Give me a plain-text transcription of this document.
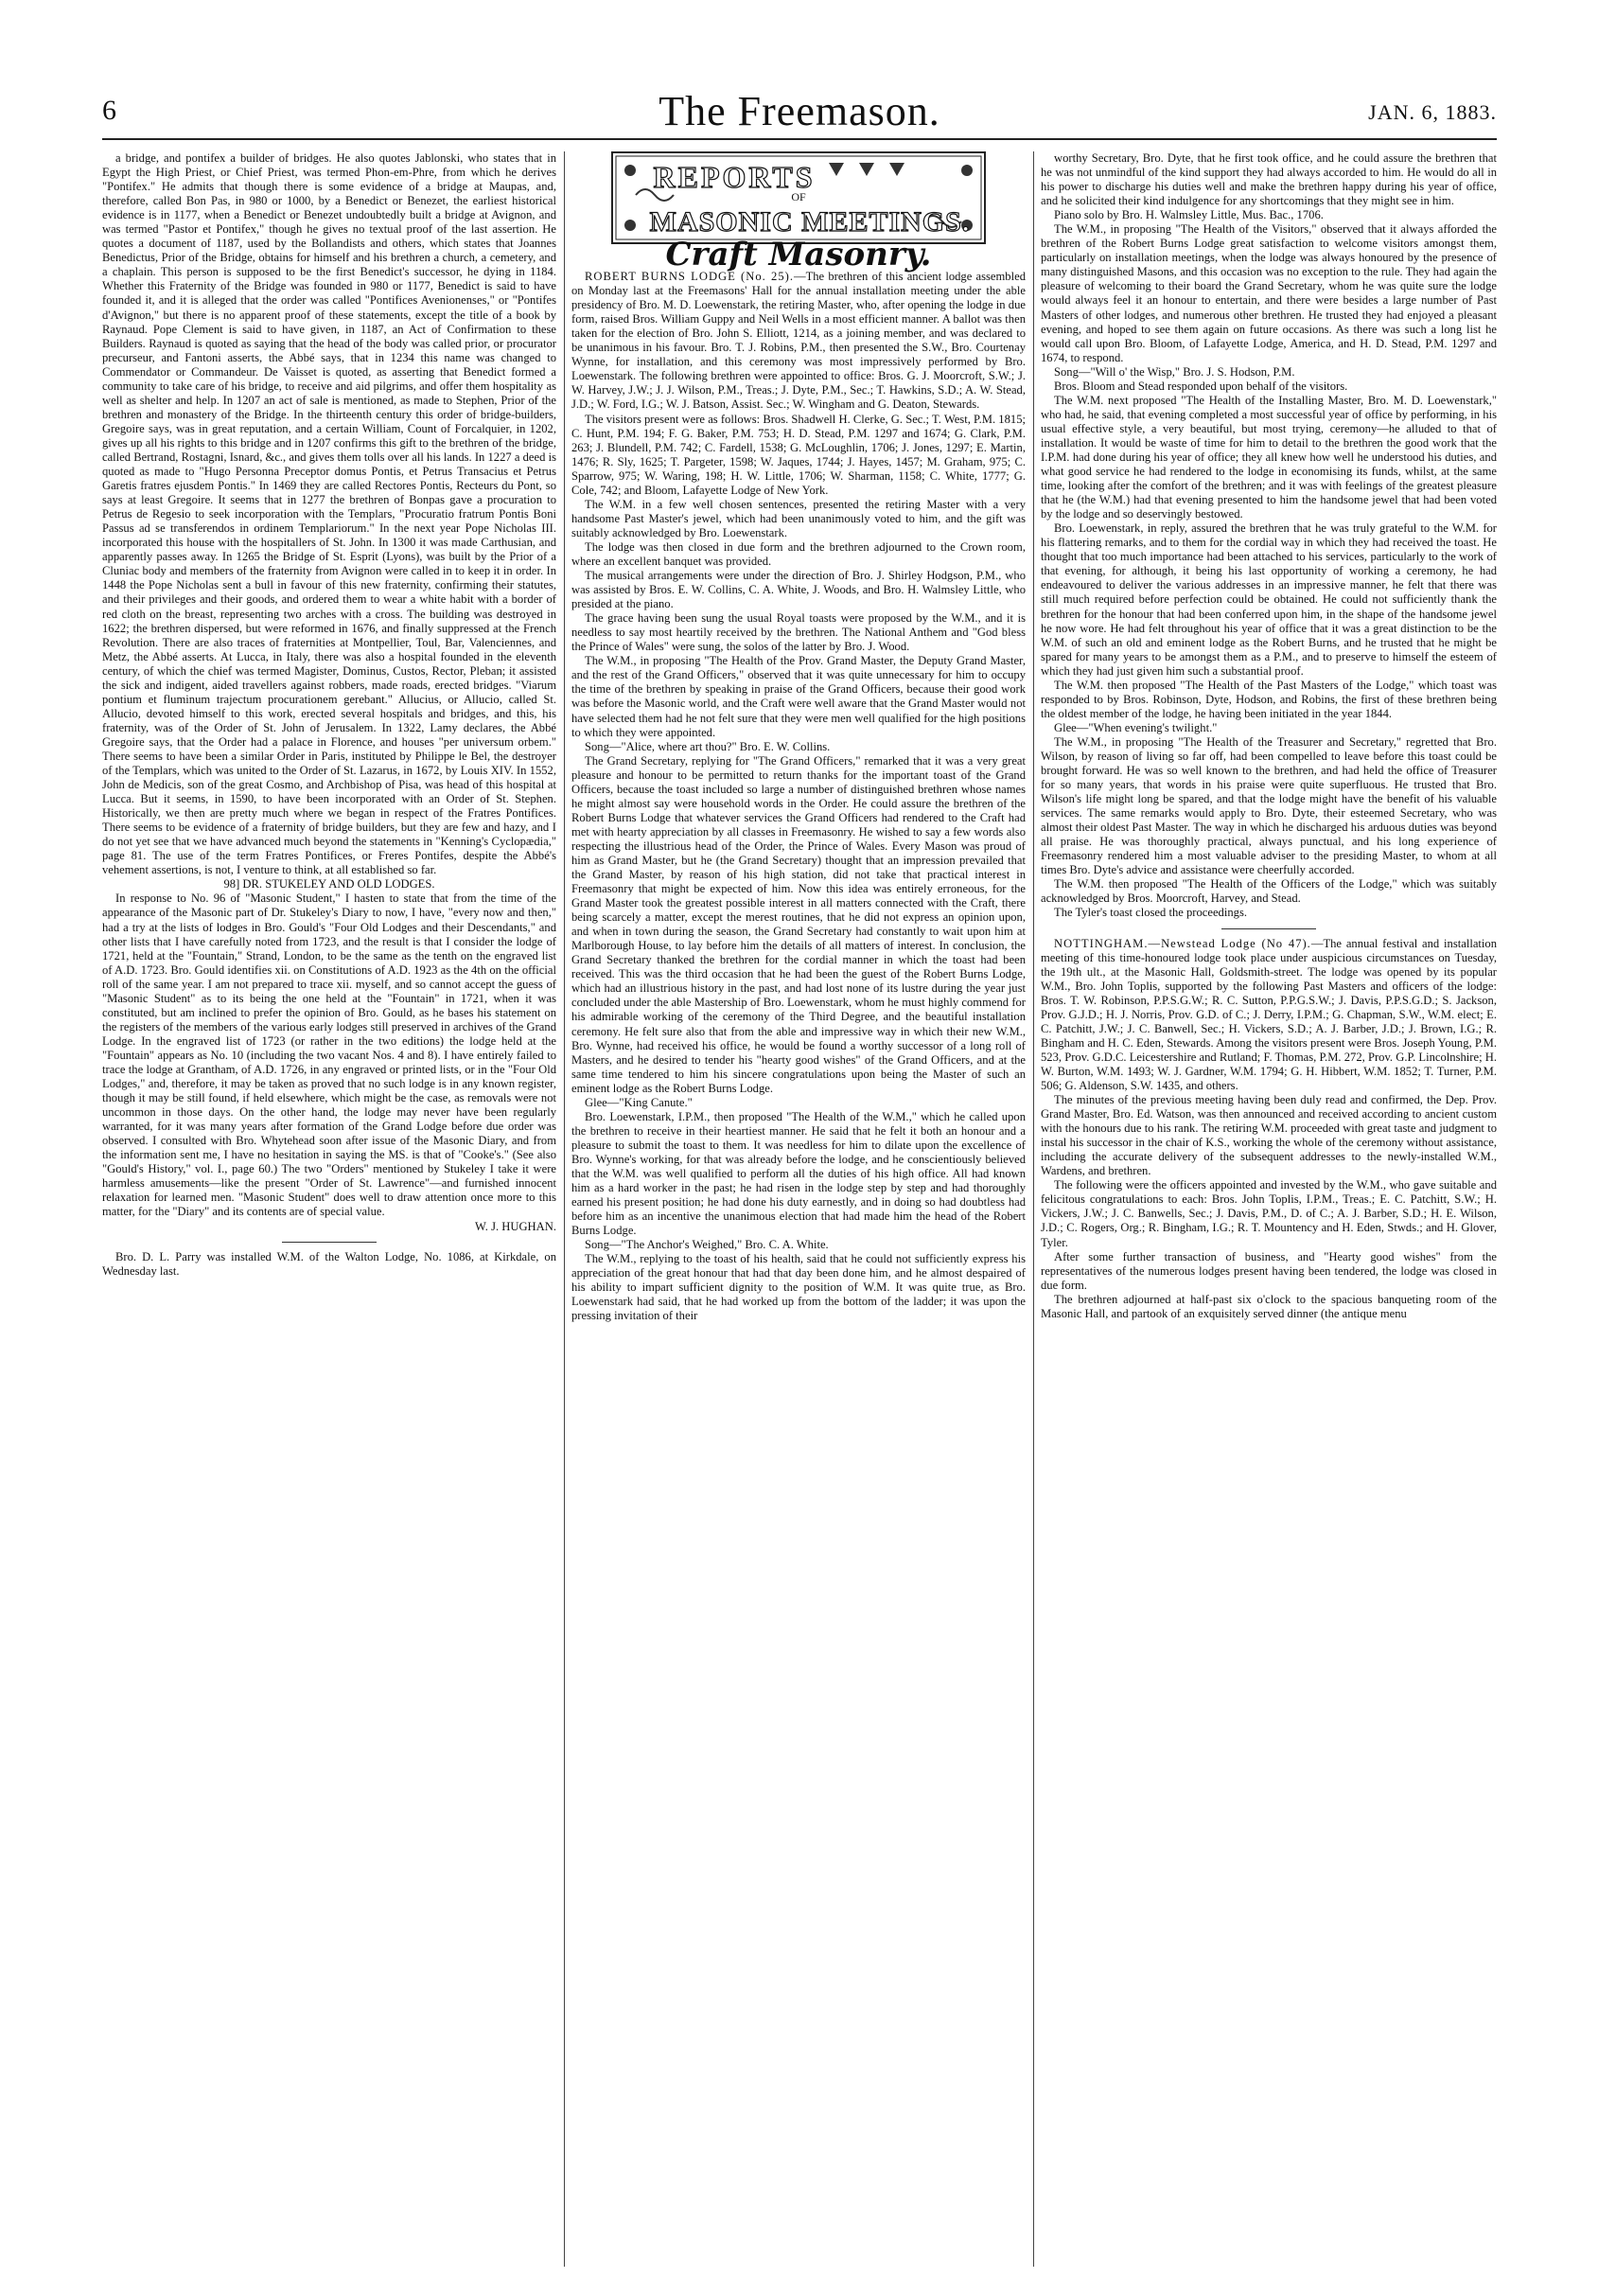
6	The Freemason.	JAN. 6, 1883.

a bridge, and pontifex a builder of bridges. He also quotes Jablonski, who states that in Egypt the High Priest, or Chief Priest, was termed Phon-em-Phre, from which he derives "Pontifex." He admits that though there is some evidence of a bridge at Maupas, and, therefore, called Bon Pas, in 980 or 1000, by a Benedict or Benezet, the earliest historical evidence is in 1177, when a Benedict or Benezet undoubtedly built a bridge at Avignon, and was termed "Pastor et Pontifex," though he gives no textual proof of the last assertion. He quotes a document of 1187, used by the Bollandists and others, which states that Joannes Benedictus, Prior of the Bridge, obtains for himself and his brethren a church, a cemetery, and a chaplain. This person is supposed to be the first Benedict's successor, he dying in 1184. Whether this Fraternity of the Bridge was founded in 980 or 1177, Benedict is said to have founded it, and it is alleged that the order was called "Pontifices Avenionenses," or "Pontifes d'Avignon," but there is no apparent proof of these statements, except the title of a book by Raynaud. Pope Clement is said to have given, in 1187, an Act of Confirmation to these Builders. Raynaud is quoted as saying that the head of the body was called prior, or procurator precurseur, and Fantoni asserts, the Abbé says, that in 1234 this name was changed to Commendator or Commandeur. De Vaisset is quoted, as asserting that Benedict formed a community to take care of his bridge, to receive and aid pilgrims, and offer them hospitality as well as shelter and help. In 1207 an act of sale is mentioned, as made to Stephen, Prior of the brethren and monastery of the Bridge. In the thirteenth century this order of bridge-builders, Gregoire says, was in great reputation, and a certain William, Count of Forcalquier, in 1202, gives up all his rights to this bridge and in 1207 confirms this gift to the brethren of the bridge, called Bertrand, Rostagni, Isnard, &c., and gives them tolls over all his lands. In 1227 a deed is quoted as made to "Hugo Personna Preceptor domus Pontis, et Petrus Transacius et Petrus Garetis fratres ejusdem Pontis." In 1469 they are called Rectores Pontis, Recteurs du Pont, so says at least Gregoire. It seems that in 1277 the brethren of Bonpas gave a procuration to Petrus de Regesio to seek incorporation with the Templars, "Procuratio fratrum Pontis Boni Passus ad se transferendos in ordinem Templariorum." In the next year Pope Nicholas III. incorporated this house with the hospitallers of St. John. In 1300 it was made Carthusian, and apparently passes away. In 1265 the Bridge of St. Esprit (Lyons), was built by the Prior of a Cluniac body and members of the fraternity from Avignon were called in to keep it in order. In 1448 the Pope Nicholas sent a bull in favour of this new fraternity, confirming their statutes, and their privileges and their goods, and ordered them to wear a white habit with a border of red cloth on the breast, representing two arches with a cross. The building was destroyed in 1622; the brethren dispersed, but were reformed in 1676, and finally suppressed at the French Revolution. There are also traces of fraternities at Montpellier, Toul, Bar, Valenciennes, and Metz, the Abbé asserts. At Lucca, in Italy, there was also a hospital founded in the eleventh century, of which the chief was termed Magister, Dominus, Custos, Rector, Pleban; it assisted the sick and indigent, aided travellers against robbers, made roads, erected bridges. "Viarum pontium et fluminum trajectum procurationem gerebant." Allucius, or Allucio, called St. Allucio, devoted himself to this work, erected several hospitals and bridges, and this, his fraternity, was of the Order of St. John of Jerusalem. In 1322, Lamy declares, the Abbé Gregoire says, that the Order had a palace in Florence, and houses "per universum orbem." There seems to have been a similar Order in Paris, instituted by Philippe le Bel, the destroyer of the Templars, which was united to the Order of St. Lazarus, in 1672, by Louis XIV. In 1552, John de Medicis, son of the great Cosmo, and Archbishop of Pisa, was head of this hospital at Lucca. But it seems, in 1590, to have been incorporated with an Order of St. Stephen. Historically, we then are pretty much where we began in respect of the Fratres Pontifices. There seems to be evidence of a fraternity of bridge builders, but they are few and hazy, and I do not yet see that we have advanced much beyond the statements in "Kenning's Cyclopædia," page 81. The use of the term Fratres Pontifices, or Freres Pontifes, despite the Abbé's vehement assertions, is not, I venture to think, at all established so far.

98] DR. STUKELEY AND OLD LODGES.

In response to No. 96 of "Masonic Student," I hasten to state that from the time of the appearance of the Masonic part of Dr. Stukeley's Diary to now, I have, "every now and then," had a try at the lists of lodges in Bro. Gould's "Four Old Lodges and their Descendants," and other lists that I have carefully noted from 1723, and the result is that I consider the lodge of 1721, held at the "Fountain," Strand, London, to be the same as the tenth on the engraved list of A.D. 1723. Bro. Gould identifies xii. on Constitutions of A.D. 1923 as the 4th on the official roll of the same year. I am not prepared to trace xii. myself, and so cannot accept the guess of "Masonic Student" as to its being the one held at the "Fountain" in 1721, when it was constituted, but am inclined to prefer the opinion of Bro. Gould, as he bases his statement on the registers of the members of the various early lodges still preserved in archives of the Grand Lodge. In the engraved list of 1723 (or rather in the two editions) the lodge held at the "Fountain" appears as No. 10 (including the two vacant Nos. 4 and 8). I have entirely failed to trace the lodge at Grantham, of A.D. 1726, in any engraved or printed lists, or in the "Four Old Lodges," and, therefore, it may be taken as proved that no such lodge is in any known register, though it may be still found, if held elsewhere, which might be the case, as removals were not uncommon in those days. On the other hand, the lodge may never have been regularly warranted, for it was many years after formation of the Grand Lodge before due order was observed. I consulted with Bro. Whytehead soon after issue of the Masonic Diary, and from the information sent me, I have no hesitation in saying the MS. is that of "Cooke's." (See also "Gould's History," vol. I., page 60.) The two "Orders" mentioned by Stukeley I take it were harmless amusements—like the present "Order of St. Lawrence"—and furnished innocent relaxation for learned men. "Masonic Student" does well to draw attention once more to this matter, for the "Diary" and its contents are of special value.

W. J. HUGHAN.

Bro. D. L. Parry was installed W.M. of the Walton Lodge, No. 1086, at Kirkdale, on Wednesday last.

REPORTS
OF
MASONIC MEETINGS.
Craft Masonry.

ROBERT BURNS LODGE (No. 25).—The brethren of this ancient lodge assembled on Monday last at the Freemasons' Hall for the annual installation meeting under the able presidency of Bro. M. D. Loewenstark, the retiring Master, who, after opening the lodge in due form, raised Bros. William Guppy and Neil Wells in a most efficient manner. A ballot was then taken for the election of Bro. John S. Elliott, 1214, as a joining member, and was declared to be unanimous in his favour. Bro. T. J. Robins, P.M., then presented the S.W., Bro. Courtenay Wynne, for installation, and this ceremony was most impressively performed by Bro. Loewenstark. The following brethren were appointed to office: Bros. G. J. Moorcroft, S.W.; J. W. Harvey, J.W.; J. J. Wilson, P.M., Treas.; J. Dyte, P.M., Sec.; T. Hawkins, S.D.; A. W. Stead, J.D.; W. Ford, I.G.; W. J. Batson, Assist. Sec.; W. Wingham and G. Deaton, Stewards.

The visitors present were as follows: Bros. Shadwell H. Clerke, G. Sec.; T. West, P.M. 1815; C. Hunt, P.M. 194; F. G. Baker, P.M. 753; H. D. Stead, P.M. 1297 and 1674; G. Clark, P.M. 263; J. Blundell, P.M. 742; C. Fardell, 1538; G. McLoughlin, 1706; J. Jones, 1297; E. Martin, 1476; R. Sly, 1625; T. Pargeter, 1598; W. Jaques, 1744; J. Hayes, 1457; M. Graham, 975; C. Sparrow, 975; W. Waring, 198; H. W. Little, 1706; W. Sharman, 1158; C. White, 1777; G. Cole, 742; and Bloom, Lafayette Lodge of New York.

The W.M. in a few well chosen sentences, presented the retiring Master with a very handsome Past Master's jewel, which had been unanimously voted to him, and the gift was suitably acknowledged by Bro. Loewenstark.

The lodge was then closed in due form and the brethren adjourned to the Crown room, where an excellent banquet was provided.

The musical arrangements were under the direction of Bro. J. Shirley Hodgson, P.M., who was assisted by Bros. E. W. Collins, C. A. White, J. Woods, and Bro. H. Walmsley Little, who presided at the piano.

The grace having been sung the usual Royal toasts were proposed by the W.M., and it is needless to say most heartily received by the brethren. The National Anthem and "God bless the Prince of Wales" were sung, the solos of the latter by Bro. J. Wood.

The W.M., in proposing "The Health of the Prov. Grand Master, the Deputy Grand Master, and the rest of the Grand Officers," observed that it was quite unnecessary for him to occupy the time of the brethren by speaking in praise of the Grand Officers, because their good work was before the Masonic world, and the Craft were well aware that the Grand Master would not have selected them had he not felt sure that they were men well qualified for the high positions to which they were appointed.

Song—"Alice, where art thou?" Bro. E. W. Collins.

The Grand Secretary, replying for "The Grand Officers," remarked that it was a very great pleasure and honour to be permitted to return thanks for the important toast of the Grand Officers, because the toast included so large a number of distinguished brethren whose names he might almost say were household words in the Order. He could assure the brethren of the Robert Burns Lodge that whatever services the Grand Officers had rendered to the Craft had met with hearty appreciation by all classes in Freemasonry. He wished to say a few words also respecting the illustrious head of the Order, the Prince of Wales. Every Mason was proud of him as Grand Master, but he (the Grand Secretary) thought that an impression prevailed that the Grand Master, by reason of his high station, did not take that practical interest in Freemasonry that might be expected of him. Now this idea was entirely erroneous, for the Grand Master took the greatest possible interest in all matters connected with the Craft, there being scarcely a matter, except the merest routines, that he did not express an opinion upon, and when in town during the season, the Grand Secretary had constantly to wait upon him at Marlborough House, to lay before him the details of all matters of interest. In conclusion, the Grand Secretary thanked the brethren for the cordial manner in which the toast had been received. This was the third occasion that he had been the guest of the Robert Burns Lodge, which had an illustrious history in the past, and had lost none of its lustre during the year just concluded under the able Mastership of Bro. Loewenstark, whom he must highly commend for his admirable working of the ceremony of the Third Degree, and the beautiful installation ceremony. He felt sure also that from the able and impressive way in which their new W.M., Bro. Wynne, had received his office, he would be found a worthy successor of a long roll of Masters, and he desired to tender his "hearty good wishes" of the Grand Officers, and at the same time tendered to him his sincere congratulations upon being the Master of such an eminent lodge as the Robert Burns Lodge.

Glee—"King Canute."

Bro. Loewenstark, I.P.M., then proposed "The Health of the W.M.," which he called upon the brethren to receive in their heartiest manner. He said that he felt it both an honour and a pleasure to submit the toast to them. It was needless for him to dilate upon the excellence of Bro. Wynne's working, for that was already before the lodge, and he conscientiously believed that the W.M. was well qualified to perform all the duties of his high office. All had known him as a hard worker in the past; he had risen in the lodge step by step and had thoroughly earned his present position; he had done his duty earnestly, and in doing so had doubtless had before him as an incentive the unanimous election that had made him the head of the Robert Burns Lodge.

Song—"The Anchor's Weighed," Bro. C. A. White.

The W.M., replying to the toast of his health, said that he could not sufficiently express his appreciation of the great honour that had that day been done him, and he almost despaired of his ability to impart sufficient dignity to the position of W.M. It was quite true, as Bro. Loewenstark had said, that he had worked up from the bottom of the ladder; it was upon the pressing invitation of their

worthy Secretary, Bro. Dyte, that he first took office, and he could assure the brethren that he was not unmindful of the kind support they had always accorded to him. He would do all in his power to discharge his duties well and make the brethren happy during his year of office, and he solicited their kind indulgence for any shortcomings that they might see in him.

Piano solo by Bro. H. Walmsley Little, Mus. Bac., 1706.

The W.M., in proposing "The Health of the Visitors," observed that it always afforded the brethren of the Robert Burns Lodge great satisfaction to welcome visitors amongst them, particularly on installation meetings, when the lodge was always honoured by the presence of many distinguished Masons, and this occasion was no exception to the rule. They had again the pleasure of welcoming to their board the Grand Secretary, whom he was quite sure the lodge would always feel it an honour to entertain, and there were besides a large number of Past Masters of other lodges, and numerous other brethren. He trusted they had enjoyed a pleasant evening, and hoped to see them again on future occasions. As there was such a long list he would call upon Bro. Bloom, of Lafayette Lodge, America, and H. D. Stead, P.M. 1297 and 1674, to respond.

Song—"Will o' the Wisp," Bro. J. S. Hodson, P.M.

Bros. Bloom and Stead responded upon behalf of the visitors.

The W.M. next proposed "The Health of the Installing Master, Bro. M. D. Loewenstark," who had, he said, that evening completed a most successful year of office by performing, in his usual effective style, a very beautiful, but most trying, ceremony—he alluded to that of installation. It would be waste of time for him to detail to the brethren the good work that the I.P.M. had done during his year of office; they all knew how well he understood his duties, and what good service he had rendered to the lodge in economising its funds, whilst, at the same time, looking after the comfort of the brethren; and it was with feelings of the greatest pleasure that he (the W.M.) had that evening presented to him the handsome jewel that had been voted by the lodge and so deservingly bestowed.

Bro. Loewenstark, in reply, assured the brethren that he was truly grateful to the W.M. for his flattering remarks, and to them for the cordial way in which they had received the toast. He thought that too much importance had been attached to his services, particularly to the work of that evening, for although, it being his last opportunity of working a ceremony, he had endeavoured to deliver the various addresses in an impressive manner, he felt that there was still much required before perfection could be obtained. He could not sufficiently thank the brethren for the honour that had been conferred upon him, in the shape of the handsome jewel he now wore. He had felt throughout his year of office that it was a great distinction to be the W.M. of such an old and eminent lodge as the Robert Burns, and he trusted that he might be spared for many years to be amongst them as a P.M., and to preserve to himself the esteem of which they had just given him such a substantial proof.

The W.M. then proposed "The Health of the Past Masters of the Lodge," which toast was responded to by Bros. Robinson, Dyte, Hodson, and Robins, the first of these brethren being the oldest member of the lodge, he having been initiated in the year 1844.

Glee—"When evening's twilight."

The W.M., in proposing "The Health of the Treasurer and Secretary," regretted that Bro. Wilson, by reason of living so far off, had been compelled to leave before this toast could be brought forward. He was so well known to the brethren, and had held the office of Treasurer for so many years, that words in his praise were quite superfluous. He trusted that Bro. Wilson's life might long be spared, and that the lodge might have the benefit of his valuable services. The same remarks would apply to Bro. Dyte, their esteemed Secretary, who was almost their oldest Past Master. The way in which he discharged his arduous duties was beyond all praise. He was thoroughly practical, always punctual, and his long experience of Freemasonry rendered him a most valuable adviser to the presiding Master, to whom at all times Bro. Dyte's advice and assistance were cheerfully accorded.

The W.M. then proposed "The Health of the Officers of the Lodge," which was suitably acknowledged by Bros. Moorcroft, Harvey, and Stead.

The Tyler's toast closed the proceedings.

NOTTINGHAM.—Newstead Lodge (No 47).—The annual festival and installation meeting of this time-honoured lodge took place under auspicious circumstances on Tuesday, the 19th ult., at the Masonic Hall, Goldsmith-street. The lodge was opened by its popular W.M., Bro. John Toplis, supported by the following Past Masters and officers of the lodge: Bros. T. W. Robinson, P.P.S.G.W.; R. C. Sutton, P.P.G.S.W.; J. Davis, P.P.S.G.D.; S. Jackson, Prov. G.J.D.; H. J. Norris, Prov. G.D. of C.; J. Derry, I.P.M.; G. Chapman, S.W., W.M. elect; E. C. Patchitt, J.W.; J. C. Banwell, Sec.; H. Vickers, S.D.; A. J. Barber, J.D.; J. Brown, I.G.; R. Bingham and H. C. Eden, Stewards. Among the visitors present were Bros. Joseph Young, P.M. 523, Prov. G.D.C. Leicestershire and Rutland; F. Thomas, P.M. 272, Prov. G.P. Lincolnshire; H. W. Burton, W.M. 1493; W. J. Gardner, W.M. 1794; G. H. Hibbert, W.M. 1852; T. Turner, P.M. 506; G. Aldenson, S.W. 1435, and others.

The minutes of the previous meeting having been duly read and confirmed, the Dep. Prov. Grand Master, Bro. Ed. Watson, was then announced and received according to ancient custom with the honours due to his rank. The retiring W.M. proceeded with great taste and judgment to instal his successor in the chair of K.S., working the whole of the ceremony without assistance, including the accurate delivery of the subsequent addresses to the newly-installed W.M., Wardens, and brethren.

The following were the officers appointed and invested by the W.M., who gave suitable and felicitous congratulations to each: Bros. John Toplis, I.P.M., Treas.; E. C. Patchitt, S.W.; H. Vickers, J.W.; J. C. Banwells, Sec.; J. Davis, P.M., D. of C.; A. J. Barber, S.D.; H. E. Wilson, J.D.; C. Rogers, Org.; R. Bingham, I.G.; R. T. Mountency and H. Eden, Stwds.; and H. Glover, Tyler.

After some further transaction of business, and "Hearty good wishes" from the representatives of the numerous lodges present having been tendered, the lodge was closed in due form.

The brethren adjourned at half-past six o'clock to the spacious banqueting room of the Masonic Hall, and partook of an exquisitely served dinner (the antique menu
